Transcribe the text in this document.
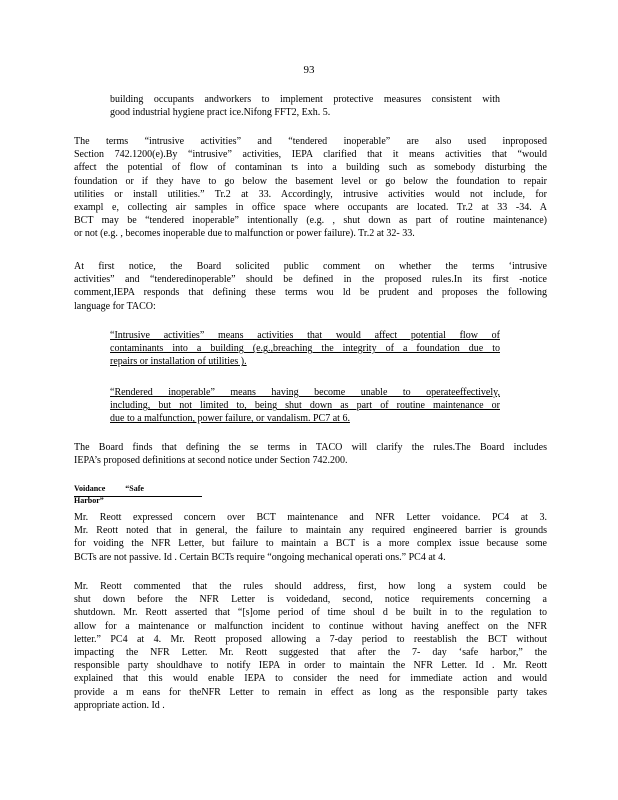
93
building occupants andworkers to implement protective measures consistent with
good industrial hygiene pract ice.Nifong FFT2, Exh. 5.
The terms “intrusive activities” and “tendered inoperable” are also used inproposed
Section 742.1200(e).By “intrusive” activities, IEPA clarified that it means activities that “would
affect the potential of flow of contaminan ts into a building such as somebody disturbing the
foundation or if they have to go below the basement level or go below the foundation to repair
utilities or install utilities.” Tr.2 at 33. Accordingly, intrusive activities would not include, for
exampl e, collecting air samples in office space where occupants are located. Tr.2 at 33 -34. A
BCT may be “tendered inoperable” intentionally (e.g. , shut down as part of routine maintenance)
or not (e.g. , becomes inoperable due to malfunction or power failure). Tr.2 at 32- 33.
At first notice, the Board solicited public comment on whether the terms ‘intrusive
activities” and “tenderedinoperable” should be defined in the proposed rules.In its first -notice
comment,IEPA responds that defining these terms wou ld be prudent and proposes the following
language for TACO:
“Intrusive activities” means activities that would affect potential flow of
contaminants into a building (e.g.,breaching the integrity of a foundation due to
repairs or installation of utilities ).
“Rendered inoperable” means having become unable to operateeffectively,
including, but not limited to, being shut down as part of routine maintenance or
due to a malfunction, power failure, or vandalism. PC7 at 6.
The Board finds that defining the se terms in TACO will clarify the rules.The Board includes
IEPA’s proposed definitions at second notice under Section 742.200.
Voidance	“Safe Harbor”
Mr. Reott expressed concern over BCT maintenance and NFR Letter voidance. PC4 at 3.
Mr. Reott noted that in general, the failure to maintain any required engineered barrier is grounds
for voiding the NFR Letter, but failure to maintain a BCT is a more complex issue because some
BCTs are not passive. Id . Certain BCTs require “ongoing mechanical operati ons.” PC4 at 4.
Mr. Reott commented that the rules should address, first, how long a system could be
shut down before the NFR Letter is voidedand, second, notice requirements concerning a
shutdown. Mr. Reott asserted that “[s]ome period of time shoul d be built in to the regulation to
allow for a maintenance or malfunction incident to continue without having aneffect on the NFR
letter.” PC4 at 4. Mr. Reott proposed allowing a 7-day period to reestablish the BCT without
impacting the NFR Letter. Mr. Reott suggested that after the 7- day ‘safe harbor,” the
responsible party shouldhave to notify IEPA in order to maintain the NFR Letter. Id . Mr. Reott
explained that this would enable IEPA to consider the need for immediate action and would
provide a m eans for theNFR Letter to remain in effect as long as the responsible party takes
appropriate action. Id .
